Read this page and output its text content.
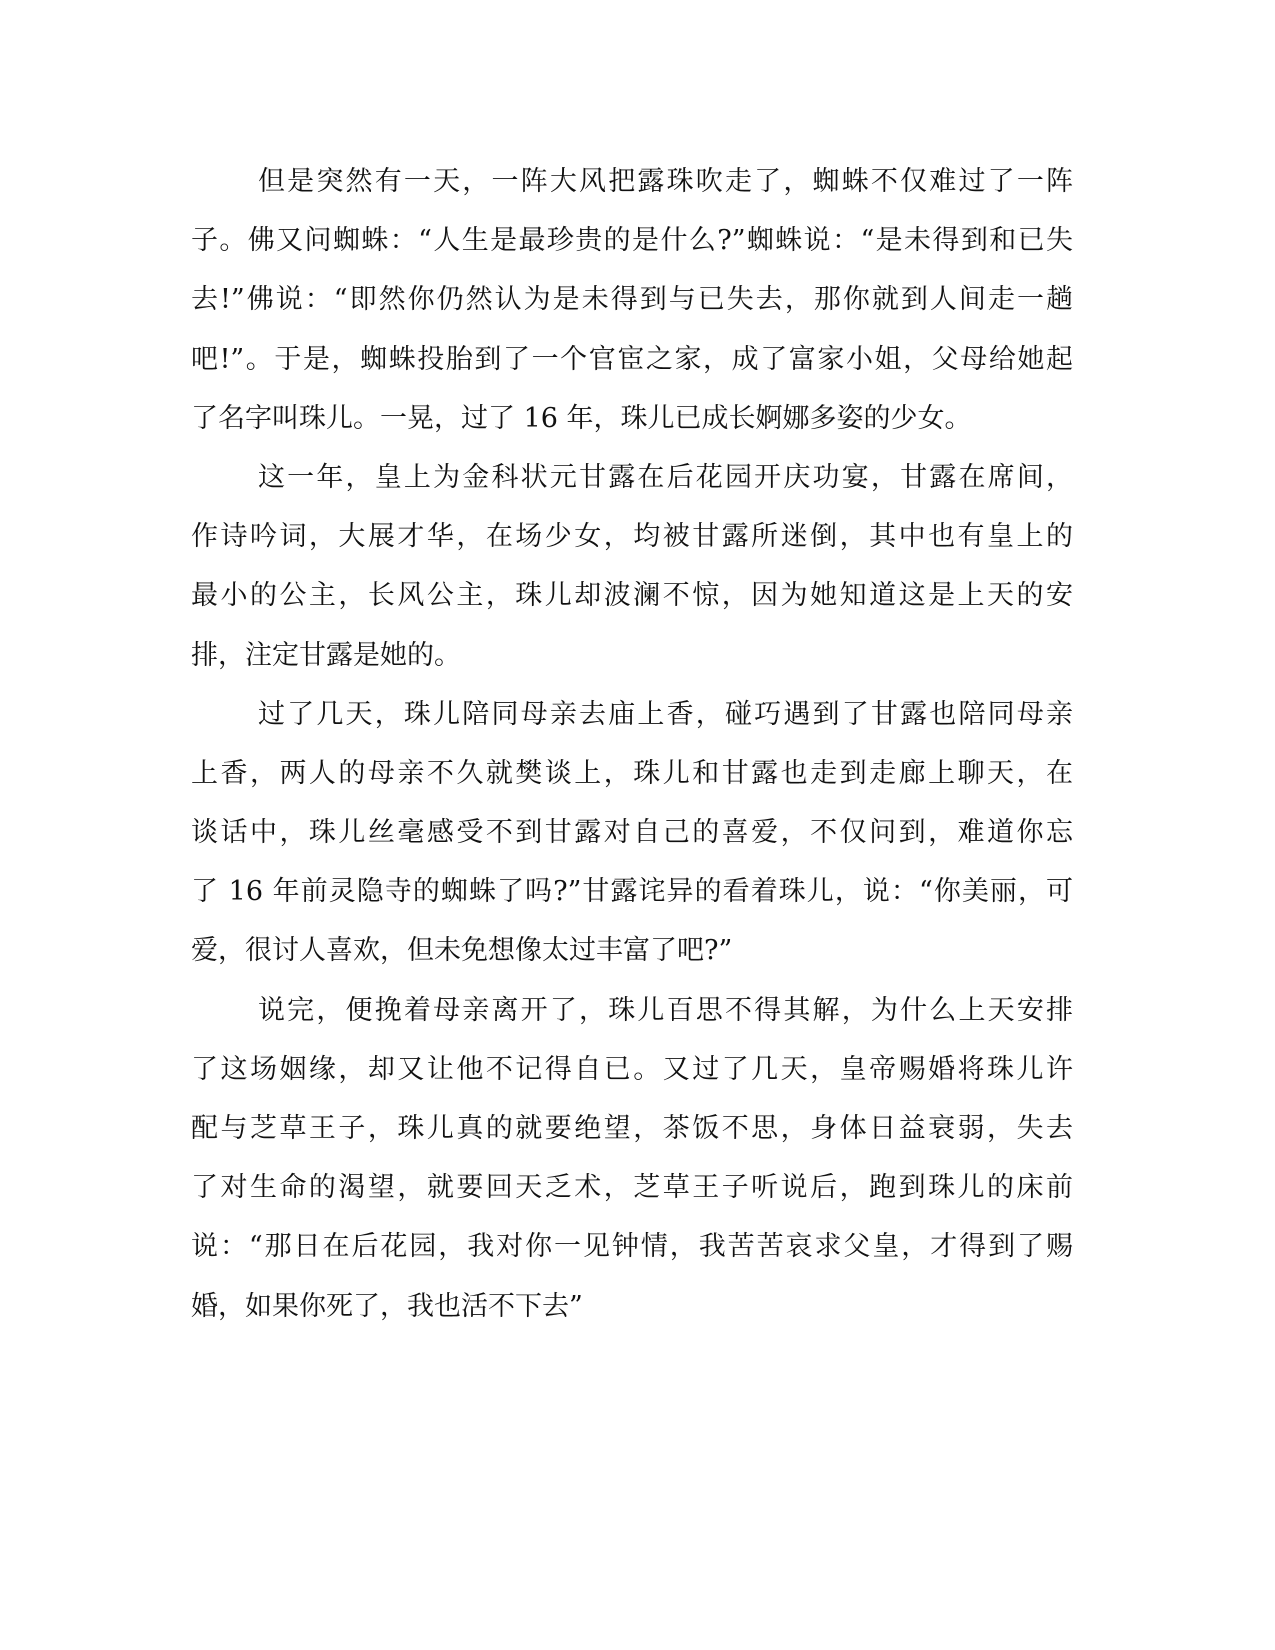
但是突然有一天，一阵大风把露珠吹走了，蜘蛛不仅难过了一阵
子。佛又问蜘蛛：“人生是最珍贵的是什么?”蜘蛛说：“是未得到和已失
去!”佛说：“即然你仍然认为是未得到与已失去，那你就到人间走一趟
吧!”。于是，蜘蛛投胎到了一个官宦之家，成了富家小姐，父母给她起
了名字叫珠儿。一晃，过了 16 年，珠儿已成长婀娜多姿的少女。
这一年，皇上为金科状元甘露在后花园开庆功宴，甘露在席间，
作诗吟词，大展才华，在场少女，均被甘露所迷倒，其中也有皇上的
最小的公主，长风公主，珠儿却波澜不惊，因为她知道这是上天的安
排，注定甘露是她的。
过了几天，珠儿陪同母亲去庙上香，碰巧遇到了甘露也陪同母亲
上香，两人的母亲不久就樊谈上，珠儿和甘露也走到走廊上聊天，在
谈话中，珠儿丝毫感受不到甘露对自己的喜爱，不仅问到，难道你忘
了 16 年前灵隐寺的蜘蛛了吗?”甘露诧异的看着珠儿，说：“你美丽，可
爱，很讨人喜欢，但未免想像太过丰富了吧?”
说完，便挽着母亲离开了，珠儿百思不得其解，为什么上天安排
了这场姻缘，却又让他不记得自已。又过了几天，皇帝赐婚将珠儿许
配与芝草王子，珠儿真的就要绝望，茶饭不思，身体日益衰弱，失去
了对生命的渴望，就要回天乏术，芝草王子听说后，跑到珠儿的床前
说：“那日在后花园，我对你一见钟情，我苦苦哀求父皇，才得到了赐
婚，如果你死了，我也活不下去”
